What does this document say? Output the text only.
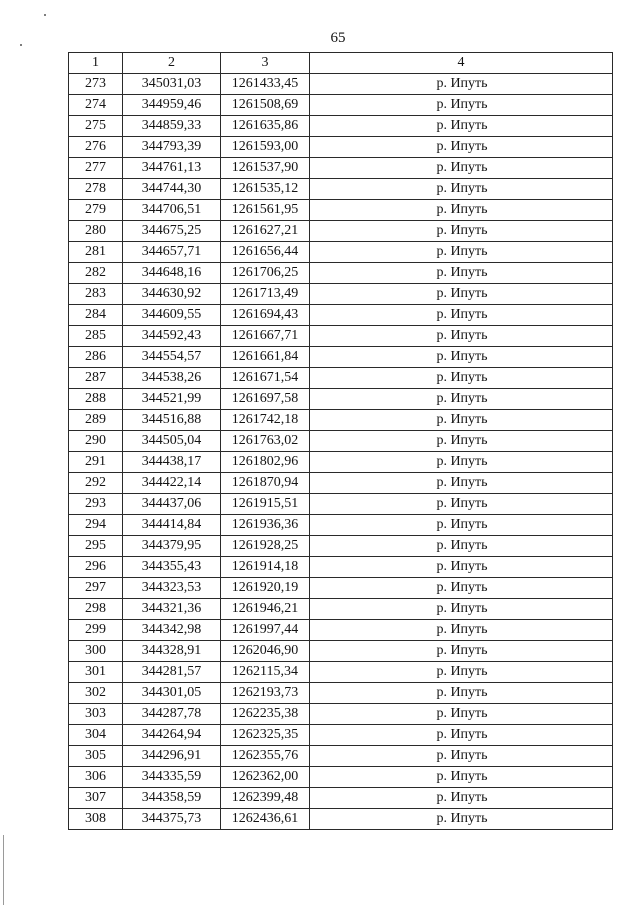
65
1	2	3	4
273	345031,03	1261433,45	р. Ипуть
274	344959,46	1261508,69	р. Ипуть
275	344859,33	1261635,86	р. Ипуть
276	344793,39	1261593,00	р. Ипуть
277	344761,13	1261537,90	р. Ипуть
278	344744,30	1261535,12	р. Ипуть
279	344706,51	1261561,95	р. Ипуть
280	344675,25	1261627,21	р. Ипуть
281	344657,71	1261656,44	р. Ипуть
282	344648,16	1261706,25	р. Ипуть
283	344630,92	1261713,49	р. Ипуть
284	344609,55	1261694,43	р. Ипуть
285	344592,43	1261667,71	р. Ипуть
286	344554,57	1261661,84	р. Ипуть
287	344538,26	1261671,54	р. Ипуть
288	344521,99	1261697,58	р. Ипуть
289	344516,88	1261742,18	р. Ипуть
290	344505,04	1261763,02	р. Ипуть
291	344438,17	1261802,96	р. Ипуть
292	344422,14	1261870,94	р. Ипуть
293	344437,06	1261915,51	р. Ипуть
294	344414,84	1261936,36	р. Ипуть
295	344379,95	1261928,25	р. Ипуть
296	344355,43	1261914,18	р. Ипуть
297	344323,53	1261920,19	р. Ипуть
298	344321,36	1261946,21	р. Ипуть
299	344342,98	1261997,44	р. Ипуть
300	344328,91	1262046,90	р. Ипуть
301	344281,57	1262115,34	р. Ипуть
302	344301,05	1262193,73	р. Ипуть
303	344287,78	1262235,38	р. Ипуть
304	344264,94	1262325,35	р. Ипуть
305	344296,91	1262355,76	р. Ипуть
306	344335,59	1262362,00	р. Ипуть
307	344358,59	1262399,48	р. Ипуть
308	344375,73	1262436,61	р. Ипуть
